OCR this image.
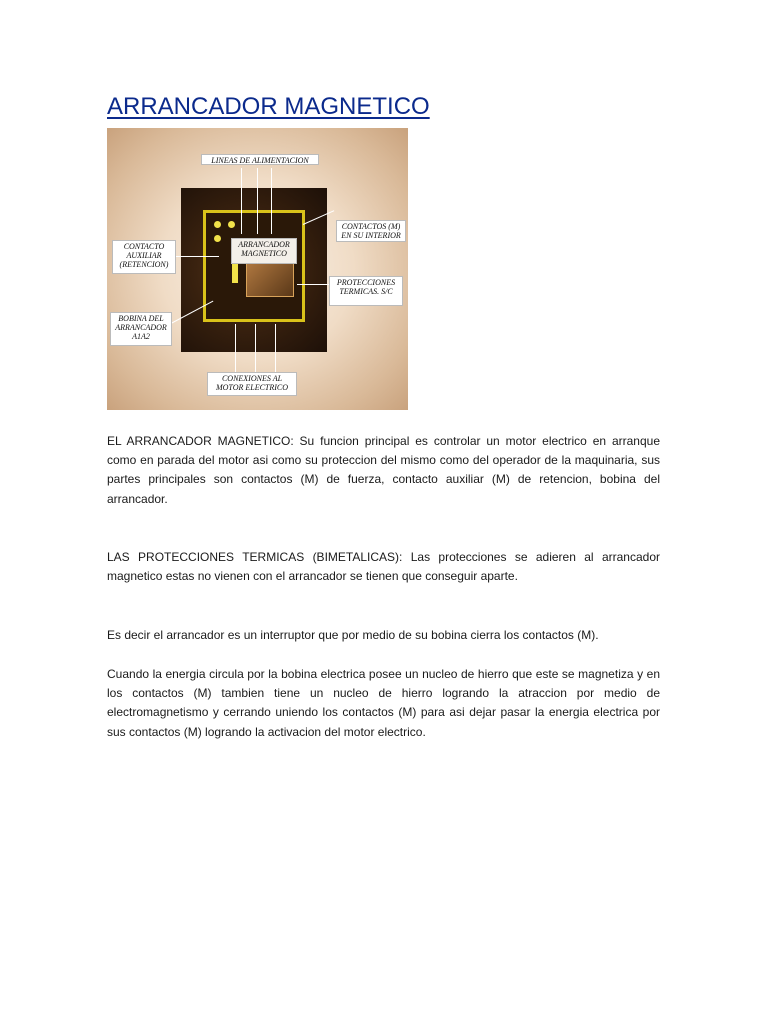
ARRANCADOR MAGNETICO
LINEAS DE ALIMENTACION
CONTACTOS (M) EN SU INTERIOR
CONTACTO AUXILIAR (RETENCION)
ARRANCADOR MAGNETICO
PROTECCIONES TERMICAS. S/C
BOBINA DEL ARRANCADOR A1A2
CONEXIONES AL MOTOR ELECTRICO

EL ARRANCADOR MAGNETICO: Su funcion principal es controlar un motor electrico en arranque como en parada del motor asi como su proteccion del mismo como del operador de la maquinaria, sus partes principales son contactos (M) de fuerza, contacto auxiliar (M) de retencion, bobina del arrancador.

LAS PROTECCIONES TERMICAS (BIMETALICAS): Las protecciones se adieren al arrancador magnetico estas no vienen con el arrancador se tienen que conseguir aparte.

Es decir el arrancador es un interruptor que por medio de su bobina cierra los contactos (M).

Cuando la energia circula por la bobina electrica posee un nucleo de hierro que este se magnetiza y en los contactos (M) tambien tiene un nucleo de hierro logrando la atraccion por medio de electromagnetismo y cerrando uniendo los contactos (M) para asi dejar pasar la energia electrica por sus contactos (M) logrando la activacion del motor electrico.
